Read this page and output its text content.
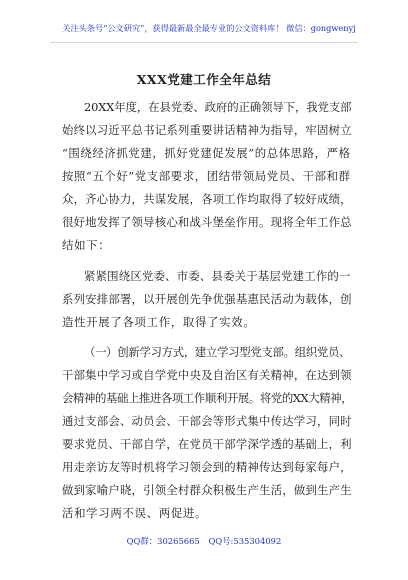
关注头条号“公文研究”，获得最新最全最专业的公文资料库！ 微信：gongwenyj
XXX党建工作全年总结
20XX年度，在县党委、政府的正确领导下，我党支部
始终以习近平总书记系列重要讲话精神为指导，牢固树立
“围绕经济抓党建，抓好党建促发展”的总体思路，严格
按照“五个好”党支部要求，团结带领局党员、干部和群
众，齐心协力，共谋发展，各项工作均取得了较好成绩，
很好地发挥了领导核心和战斗堡垒作用。现将全年工作总
结如下：
紧紧围绕区党委、市委、县委关于基层党建工作的一
系列安排部署，以开展创先争优强基惠民活动为载体，创
造性开展了各项工作，取得了实效。
（一）创新学习方式，建立学习型党支部。组织党员、
干部集中学习或自学党中央及自治区有关精神，在达到领
会精神的基础上推进各项工作顺利开展。将党的XX大精神，
通过支部会、动员会、干部会等形式集中传达学习，同时
要求党员、干部自学，在党员干部学深学透的基础上，利
用走亲访友等时机将学习领会到的精神传达到每家每户，
做到家喻户晓，引领全村群众积极生产生活，做到生产生
活和学习两不误、两促进。
QQ群：30265665 QQ号:535304092
